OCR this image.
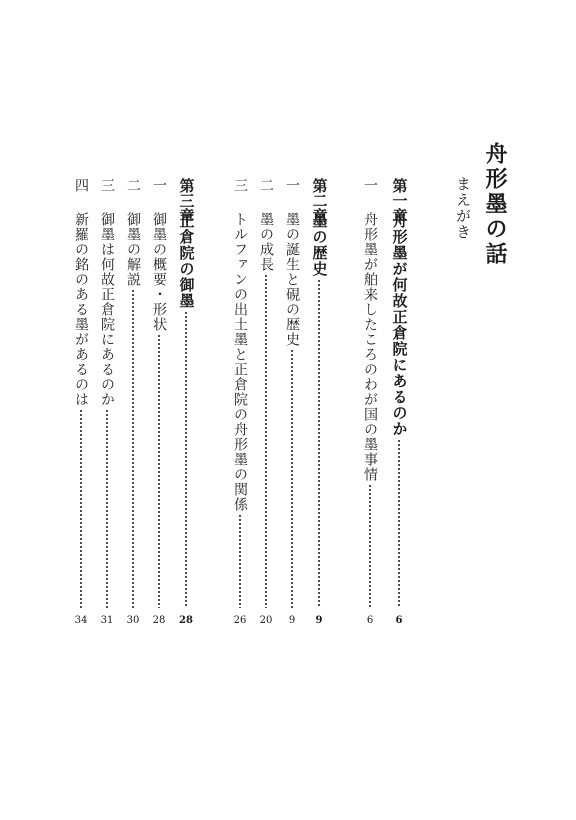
舟形墨の話
まえがき
第一章
舟形墨が何故正倉院にあるのか
6
一
舟形墨が舶来したころのわが国の墨事情
6
第二章
墨の歴史
9
一
墨の誕生と硯の歴史
9
二
墨の成長
20
三
トルファンの出土墨と正倉院の舟形墨の関係
26
第三章
正倉院の御墨
28
一
御墨の概要・形状
28
二
御墨の解説
30
三
御墨は何故正倉院にあるのか
31
四
新羅の銘のある墨があるのは
34
